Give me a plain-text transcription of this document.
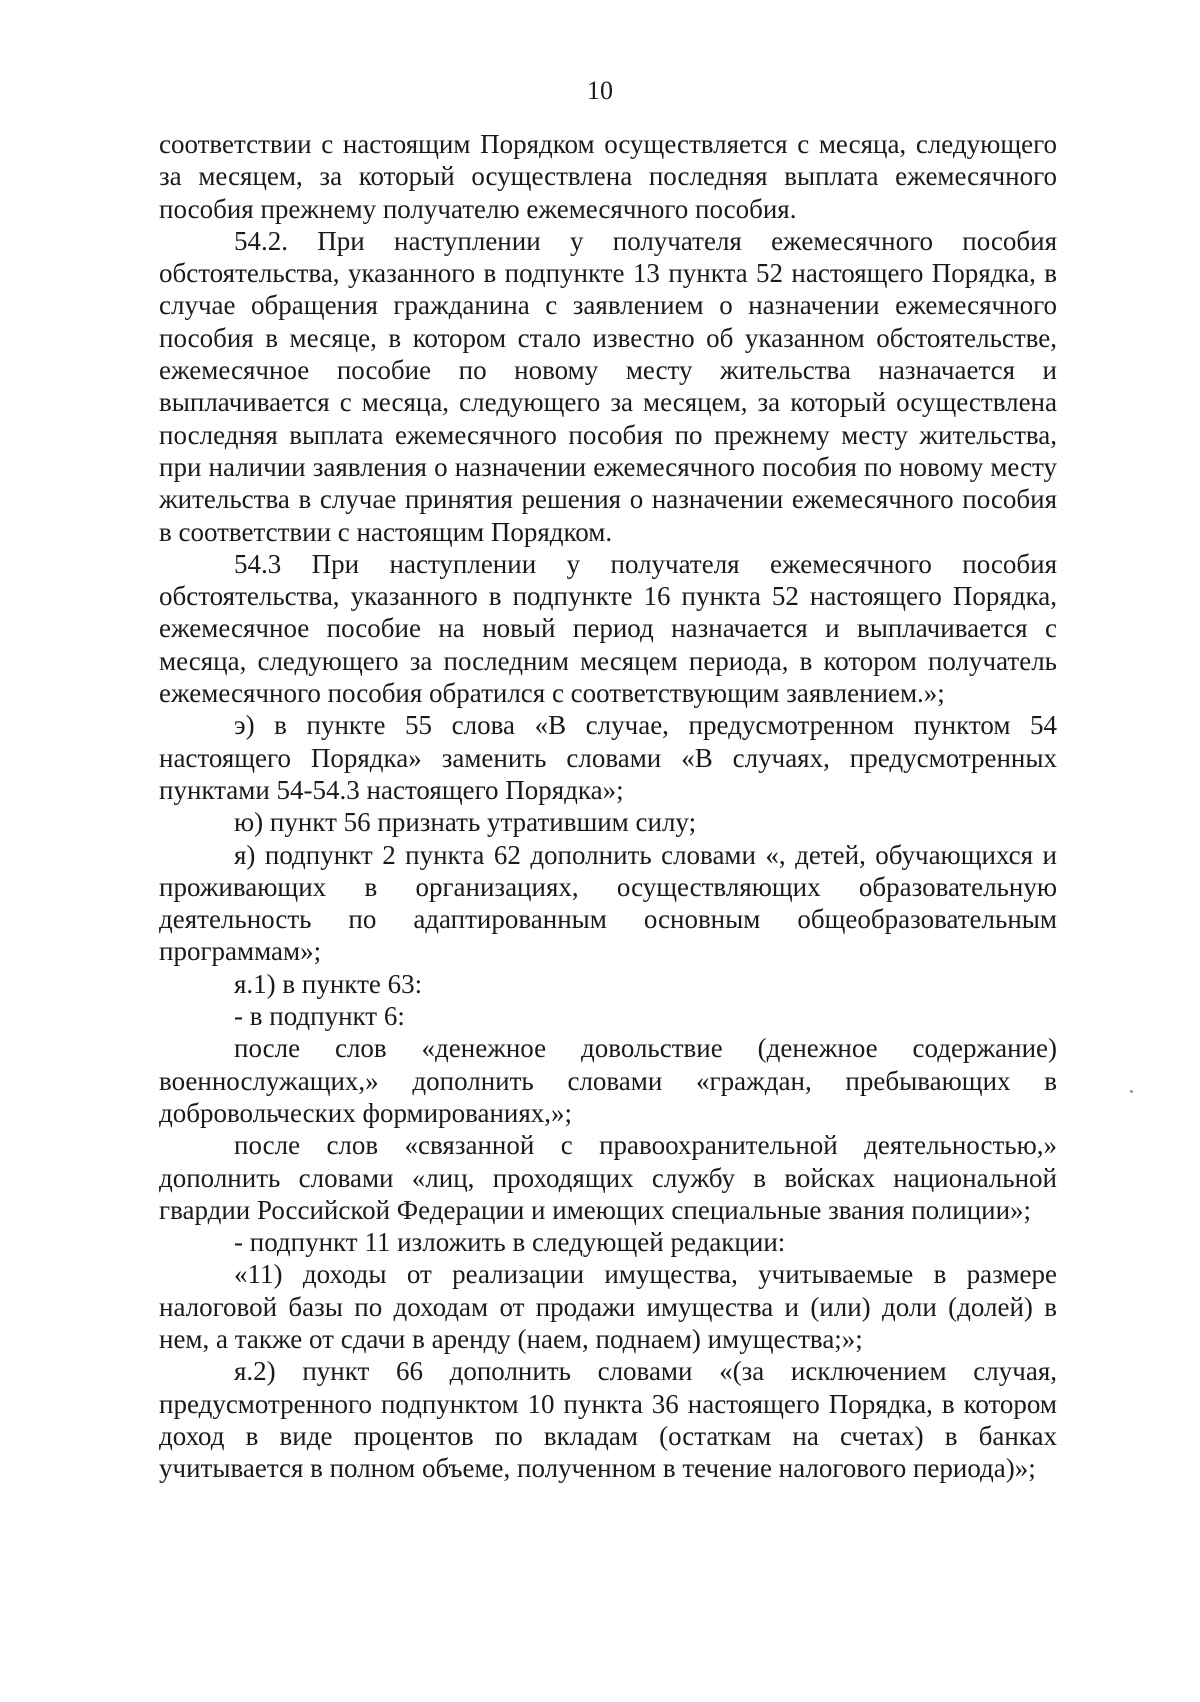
10

соответствии с настоящим Порядком осуществляется с месяца, следующего за месяцем, за который осуществлена последняя выплата ежемесячного пособия прежнему получателю ежемесячного пособия.

54.2. При наступлении у получателя ежемесячного пособия обстоятельства, указанного в подпункте 13 пункта 52 настоящего Порядка, в случае обращения гражданина с заявлением о назначении ежемесячного пособия в месяце, в котором стало известно об указанном обстоятельстве, ежемесячное пособие по новому месту жительства назначается и выплачивается с месяца, следующего за месяцем, за который осуществлена последняя выплата ежемесячного пособия по прежнему месту жительства, при наличии заявления о назначении ежемесячного пособия по новому месту жительства в случае принятия решения о назначении ежемесячного пособия в соответствии с настоящим Порядком.

54.3 При наступлении у получателя ежемесячного пособия обстоятельства, указанного в подпункте 16 пункта 52 настоящего Порядка, ежемесячное пособие на новый период назначается и выплачивается с месяца, следующего за последним месяцем периода, в котором получатель ежемесячного пособия обратился с соответствующим заявлением.»;

э) в пункте 55 слова «В случае, предусмотренном пунктом 54 настоящего Порядка» заменить словами «В случаях, предусмотренных пунктами 54-54.3 настоящего Порядка»;

ю) пункт 56 признать утратившим силу;

я) подпункт 2 пункта 62 дополнить словами «, детей, обучающихся и проживающих в организациях, осуществляющих образовательную деятельность по адаптированным основным общеобразовательным программам»;

я.1) в пункте 63:

- в подпункт 6:

после слов «денежное довольствие (денежное содержание) военнослужащих,» дополнить словами «граждан, пребывающих в добровольческих формированиях,»;

после слов «связанной с правоохранительной деятельностью,» дополнить словами «лиц, проходящих службу в войсках национальной гвардии Российской Федерации и имеющих специальные звания полиции»;

- подпункт 11 изложить в следующей редакции:

«11) доходы от реализации имущества, учитываемые в размере налоговой базы по доходам от продажи имущества и (или) доли (долей) в нем, а также от сдачи в аренду (наем, поднаем) имущества;»;

я.2) пункт 66 дополнить словами «(за исключением случая, предусмотренного подпунктом 10 пункта 36 настоящего Порядка, в котором доход в виде процентов по вкладам (остаткам на счетах) в банках учитывается в полном объеме, полученном в течение налогового периода)»;
